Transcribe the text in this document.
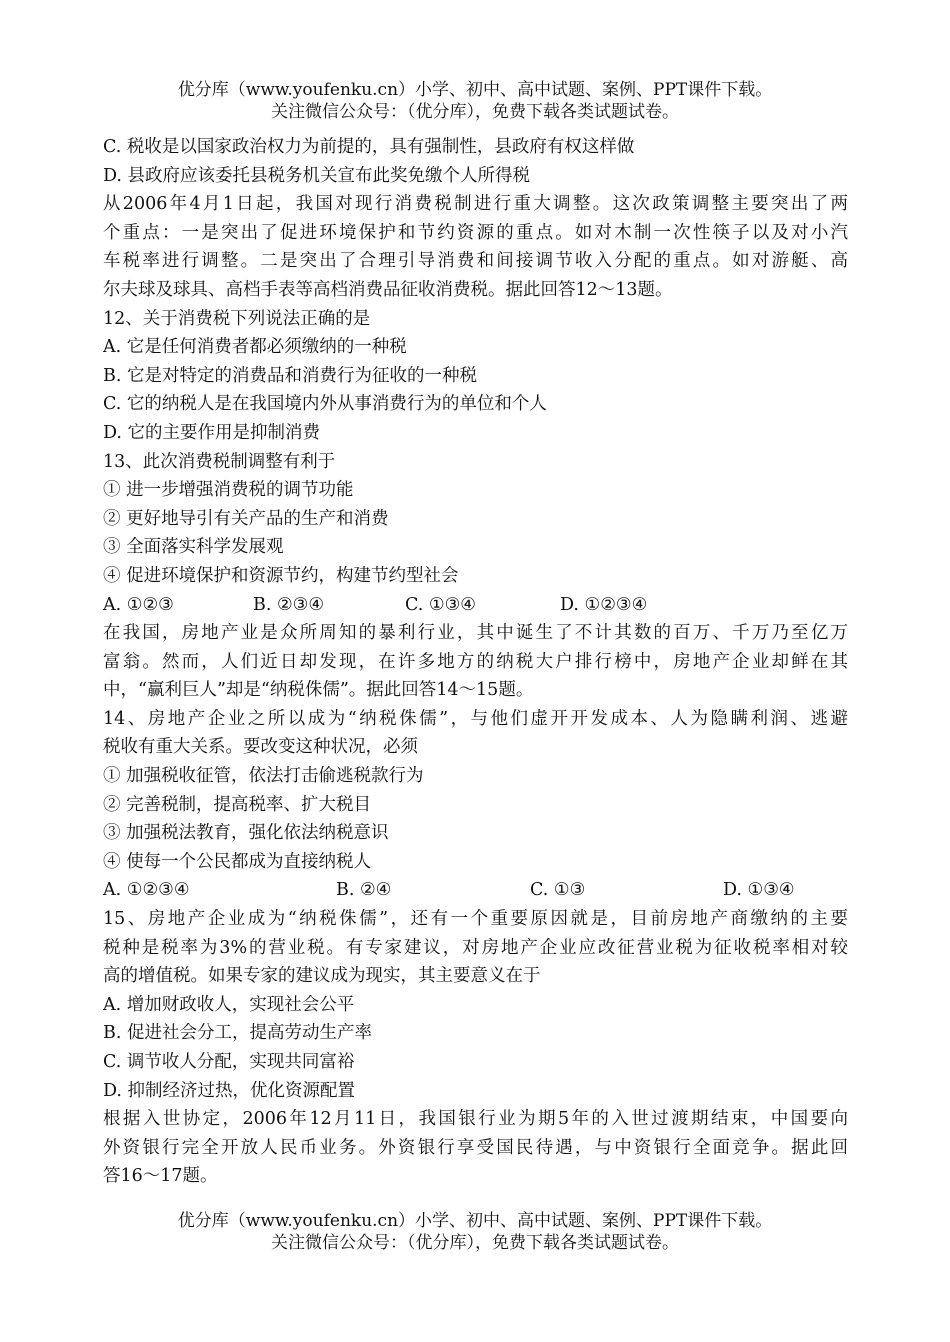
优分库（www.youfenku.cn）小学、初中、高中试题、案例、PPT课件下载。
关注微信公众号：（优分库），免费下载各类试题试卷。
C. 税收是以国家政治权力为前提的，具有强制性，县政府有权这样做
D. 县政府应该委托县税务机关宣布此奖免缴个人所得税
从2006年4月1日起，我国对现行消费税制进行重大调整。这次政策调整主要突出了两
个重点：一是突出了促进环境保护和节约资源的重点。如对木制一次性筷子以及对小汽
车税率进行调整。二是突出了合理引导消费和间接调节收入分配的重点。如对游艇、高
尔夫球及球具、高档手表等高档消费品征收消费税。据此回答12～13题。
12、关于消费税下列说法正确的是
A. 它是任何消费者都必须缴纳的一种税
B. 它是对特定的消费品和消费行为征收的一种税
C. 它的纳税人是在我国境内外从事消费行为的单位和个人
D. 它的主要作用是抑制消费
13、此次消费税制调整有利于
① 进一步增强消费税的调节功能
② 更好地导引有关产品的生产和消费
③ 全面落实科学发展观
④ 促进环境保护和资源节约，构建节约型社会
A. ①②③	B. ②③④	C. ①③④	D. ①②③④
在我国，房地产业是众所周知的暴利行业，其中诞生了不计其数的百万、千万乃至亿万
富翁。然而，人们近日却发现，在许多地方的纳税大户排行榜中，房地产企业却鲜在其
中，“赢利巨人”却是“纳税侏儒”。据此回答14～15题。
14、房地产企业之所以成为“纳税侏儒”，与他们虚开开发成本、人为隐瞒利润、逃避
税收有重大关系。要改变这种状况，必须
① 加强税收征管，依法打击偷逃税款行为
② 完善税制，提高税率、扩大税目
③ 加强税法教育，强化依法纳税意识
④ 使每一个公民都成为直接纳税人
A. ①②③④	B. ②④	C. ①③	D. ①③④
15、房地产企业成为“纳税侏儒”，还有一个重要原因就是，目前房地产商缴纳的主要
税种是税率为3%的营业税。有专家建议，对房地产企业应改征营业税为征收税率相对较
高的增值税。如果专家的建议成为现实，其主要意义在于
A. 增加财政收人，实现社会公平
B. 促进社会分工，提高劳动生产率
C. 调节收人分配，实现共同富裕
D. 抑制经济过热，优化资源配置
根据入世协定，2006年12月11日，我国银行业为期5年的入世过渡期结束，中国要向
外资银行完全开放人民币业务。外资银行享受国民待遇，与中资银行全面竞争。据此回
答16～17题。
优分库（www.youfenku.cn）小学、初中、高中试题、案例、PPT课件下载。
关注微信公众号：（优分库），免费下载各类试题试卷。
